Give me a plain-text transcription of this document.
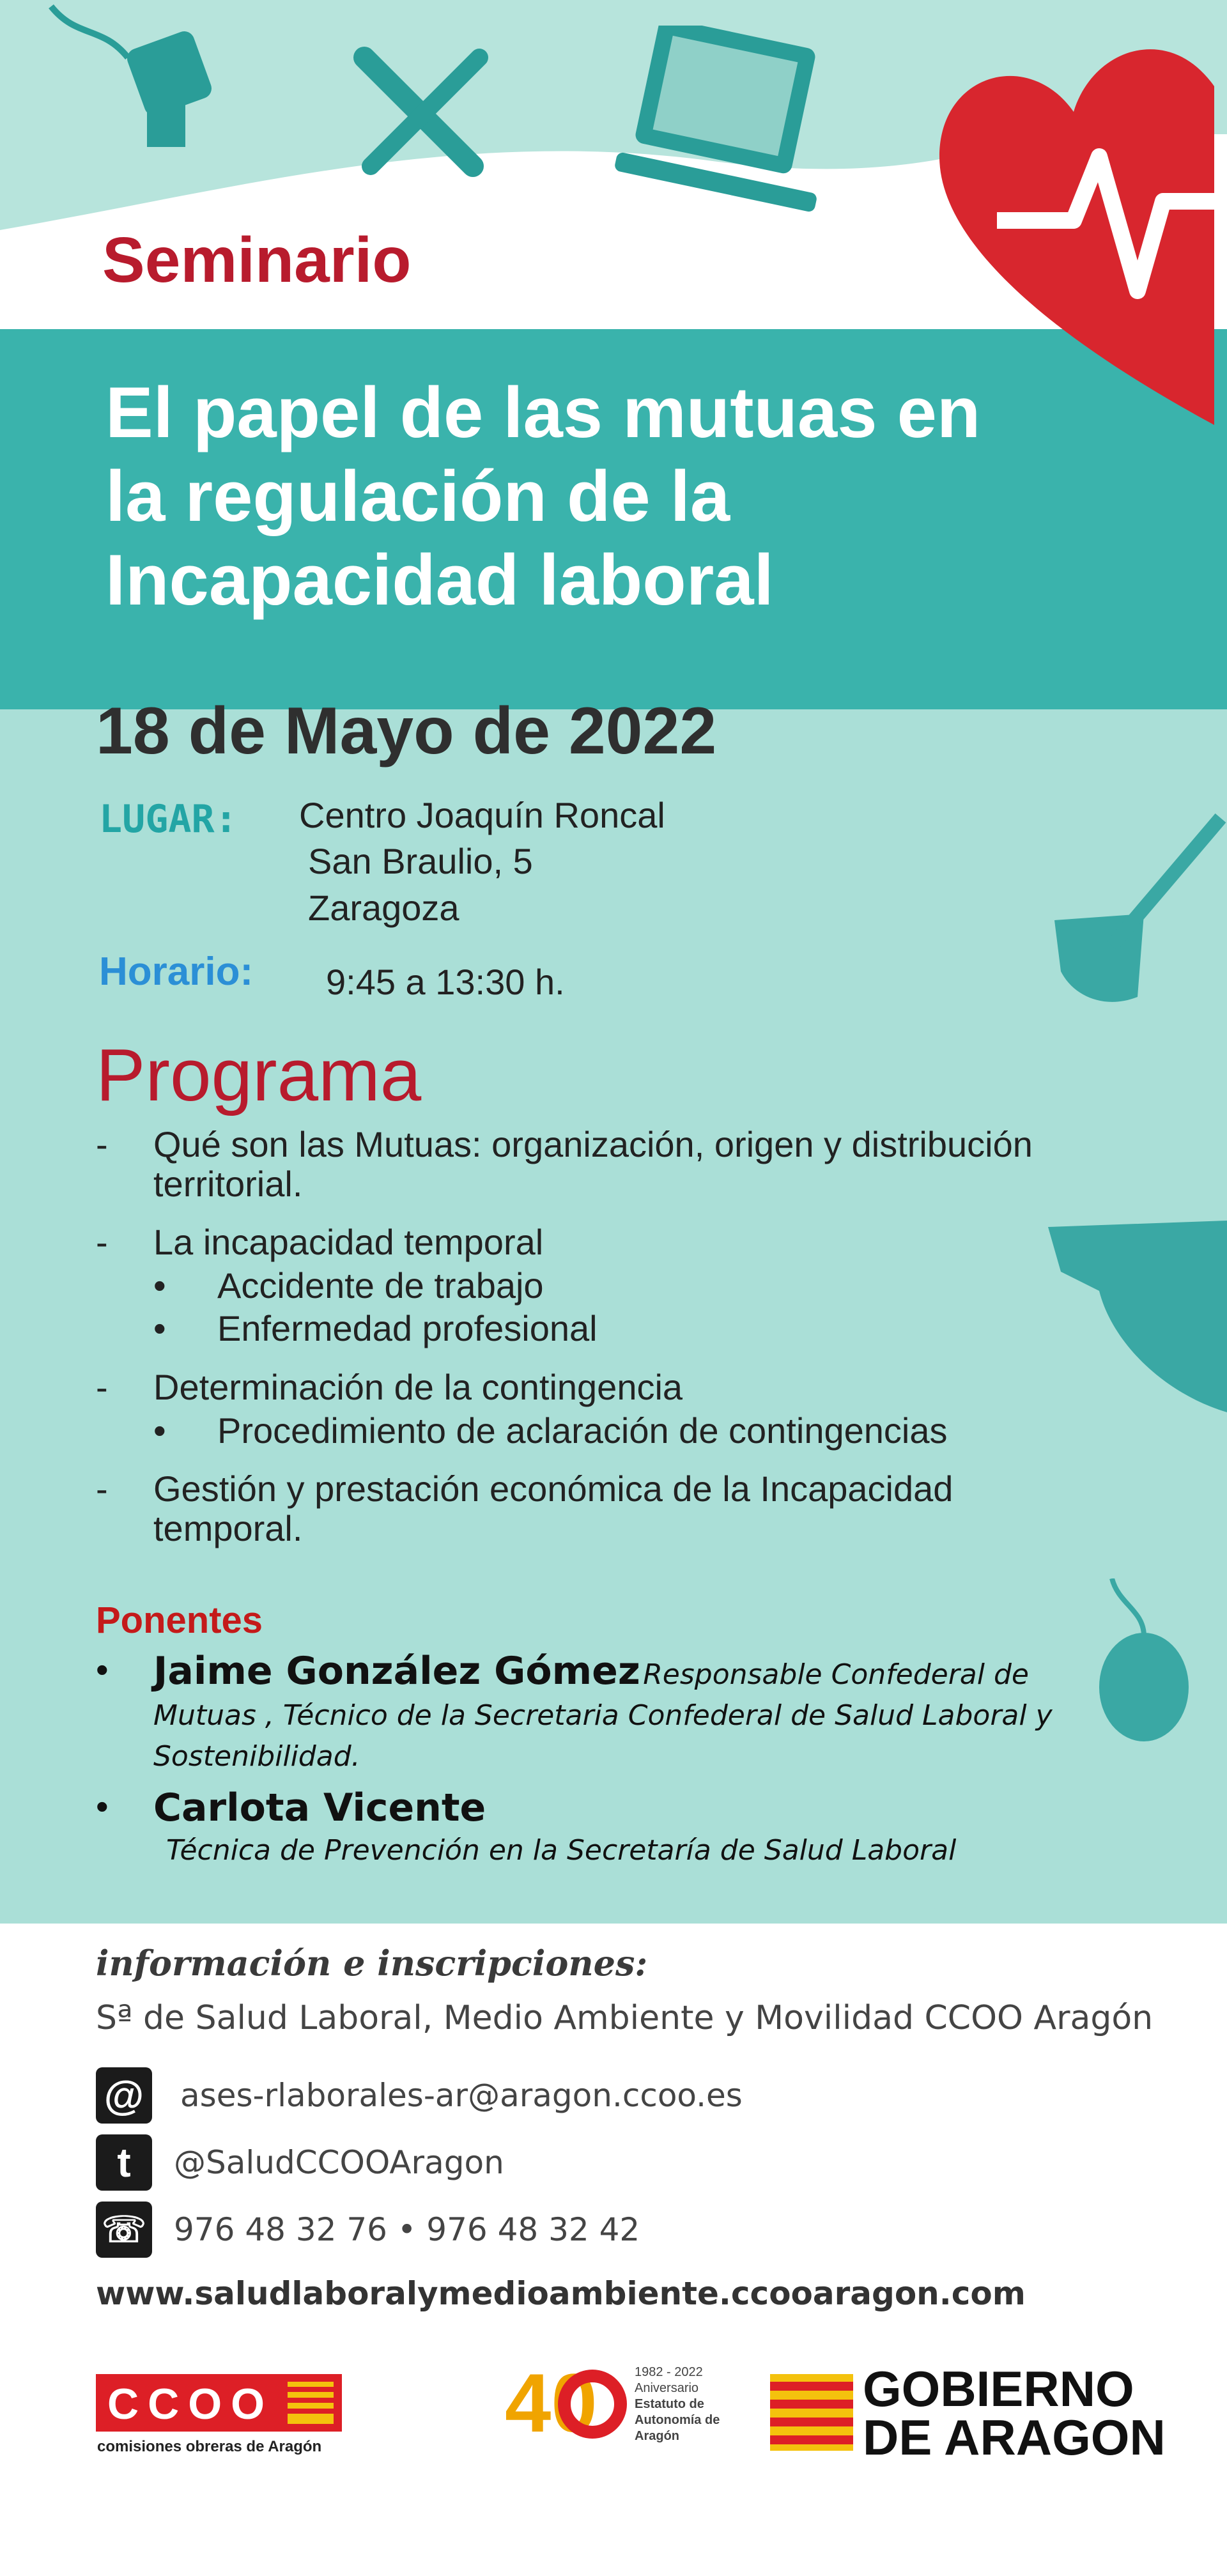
Seminario
El papel de las mutuas en la regulación de la Incapacidad laboral
18 de Mayo de 2022
LUGAR: Centro Joaquín Roncal
San Braulio, 5
Zaragoza
Horario: 9:45 a 13:30 h.
Programa
- Qué son las Mutuas: organización, origen y distribución territorial.
- La incapacidad temporal
• Accidente de trabajo
• Enfermedad profesional
- Determinación de la contingencia
• Procedimiento de aclaración de contingencias
- Gestión y prestación económica de la Incapacidad temporal.
Ponentes
• Jaime González Gómez Responsable Confederal de Mutuas , Técnico de la Secretaria Confederal de Salud Laboral y Sostenibilidad.
• Carlota Vicente
Técnica de Prevención en la Secretaría de Salud Laboral
información e inscripciones:
Sª de Salud Laboral, Medio Ambiente y Movilidad CCOO Aragón
@ ases-rlaborales-ar@aragon.ccoo.es
t	@SaludCCOOAragon
☏ 976 48 32 76 • 976 48 32 42
www.saludlaboralymedioambiente.ccooaragon.com
CCOO
comisiones obreras de Aragón 40	1982 - 2022
Aniversario
Estatuto de
Autonomía de
Aragón
GOBIERNO
DE ARAGON
